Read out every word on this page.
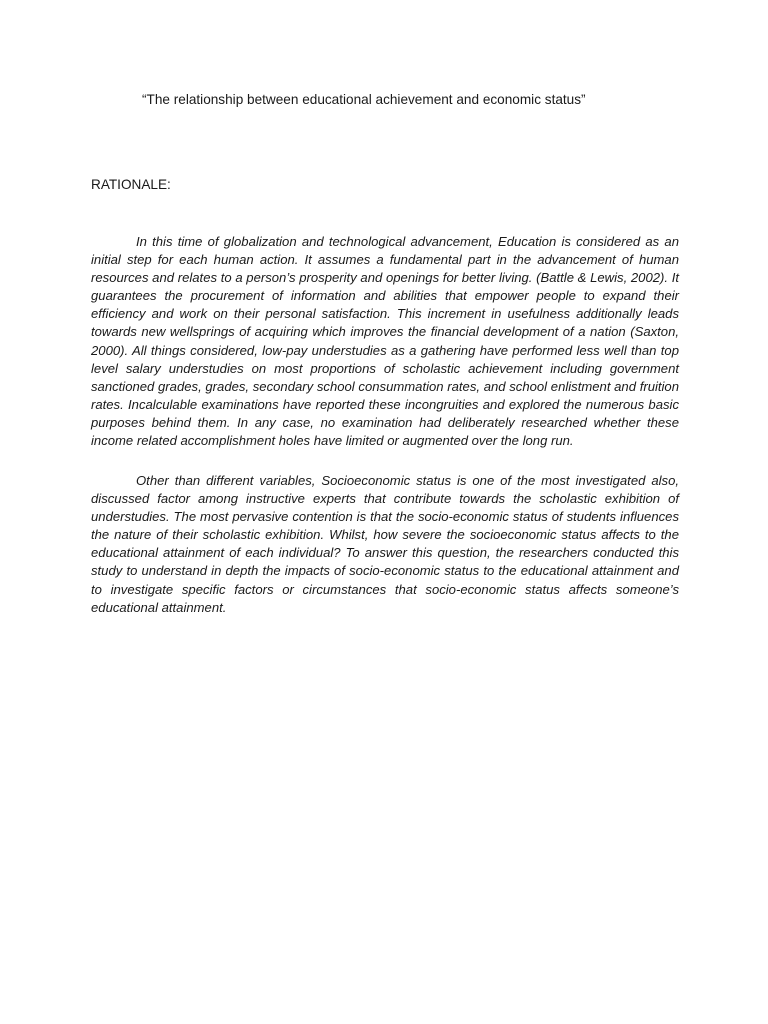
“The relationship between educational achievement and economic status”
RATIONALE:

In this time of globalization and technological advancement, Education is considered as an initial step for each human action. It assumes a fundamental part in the advancement of human resources and relates to a person’s prosperity and openings for better living. (Battle & Lewis, 2002). It guarantees the procurement of information and abilities that empower people to expand their efficiency and work on their personal satisfaction. This increment in usefulness additionally leads towards new wellsprings of acquiring which improves the financial development of a nation (Saxton, 2000). All things considered, low-pay understudies as a gathering have performed less well than top level salary understudies on most proportions of scholastic achievement including government sanctioned grades, grades, secondary school consummation rates, and school enlistment and fruition rates. Incalculable examinations have reported these incongruities and explored the numerous basic purposes behind them. In any case, no examination had deliberately researched whether these income related accomplishment holes have limited or augmented over the long run.

Other than different variables, Socioeconomic status is one of the most investigated also, discussed factor among instructive experts that contribute towards the scholastic exhibition of understudies. The most pervasive contention is that the socio-economic status of students influences the nature of their scholastic exhibition. Whilst, how severe the socioeconomic status affects to the educational attainment of each individual? To answer this question, the researchers conducted this study to understand in depth the impacts of socio-economic status to the educational attainment and to investigate specific factors or circumstances that socio-economic status affects someone’s educational attainment.
